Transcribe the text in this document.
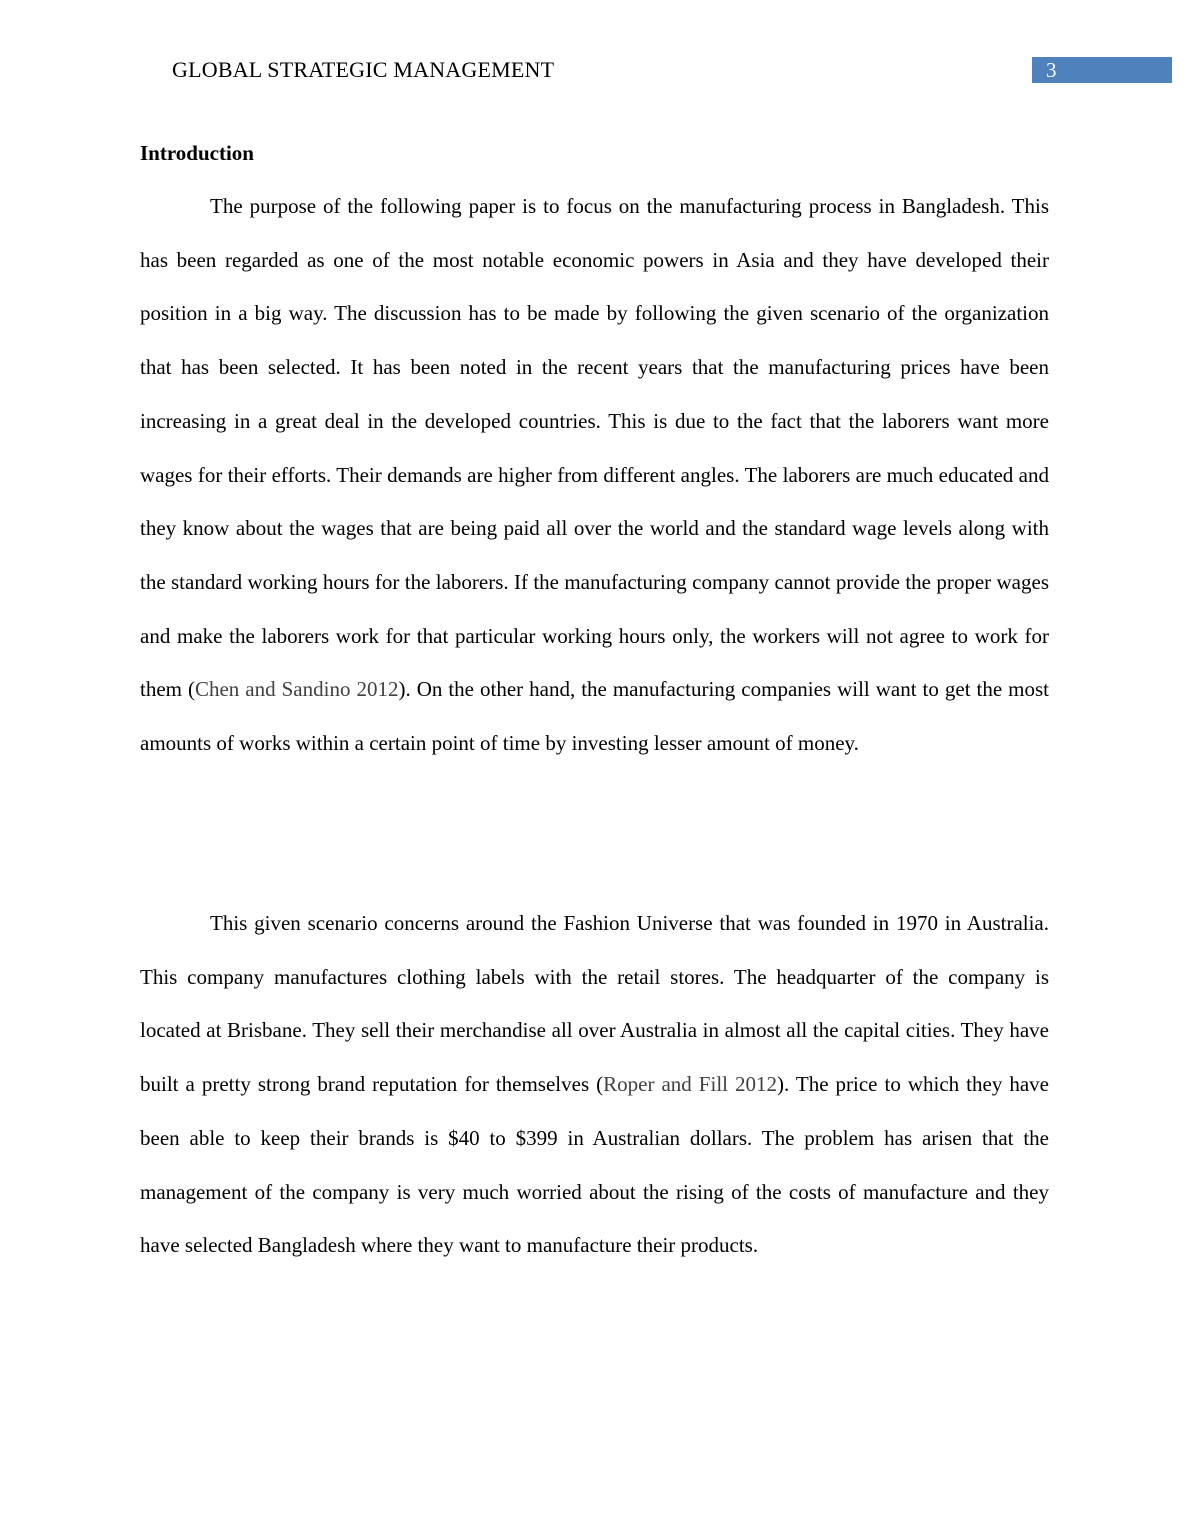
GLOBAL STRATEGIC MANAGEMENT	3
Introduction

The purpose of the following paper is to focus on the manufacturing process in Bangladesh. This has been regarded as one of the most notable economic powers in Asia and they have developed their position in a big way. The discussion has to be made by following the given scenario of the organization that has been selected. It has been noted in the recent years that the manufacturing prices have been increasing in a great deal in the developed countries. This is due to the fact that the laborers want more wages for their efforts. Their demands are higher from different angles. The laborers are much educated and they know about the wages that are being paid all over the world and the standard wage levels along with the standard working hours for the laborers. If the manufacturing company cannot provide the proper wages and make the laborers work for that particular working hours only, the workers will not agree to work for them (Chen and Sandino 2012). On the other hand, the manufacturing companies will want to get the most amounts of works within a certain point of time by investing lesser amount of money.

This given scenario concerns around the Fashion Universe that was founded in 1970 in Australia. This company manufactures clothing labels with the retail stores. The headquarter of the company is located at Brisbane. They sell their merchandise all over Australia in almost all the capital cities. They have built a pretty strong brand reputation for themselves (Roper and Fill 2012). The price to which they have been able to keep their brands is $40 to $399 in Australian dollars. The problem has arisen that the management of the company is very much worried about the rising of the costs of manufacture and they have selected Bangladesh where they want to manufacture their products.
